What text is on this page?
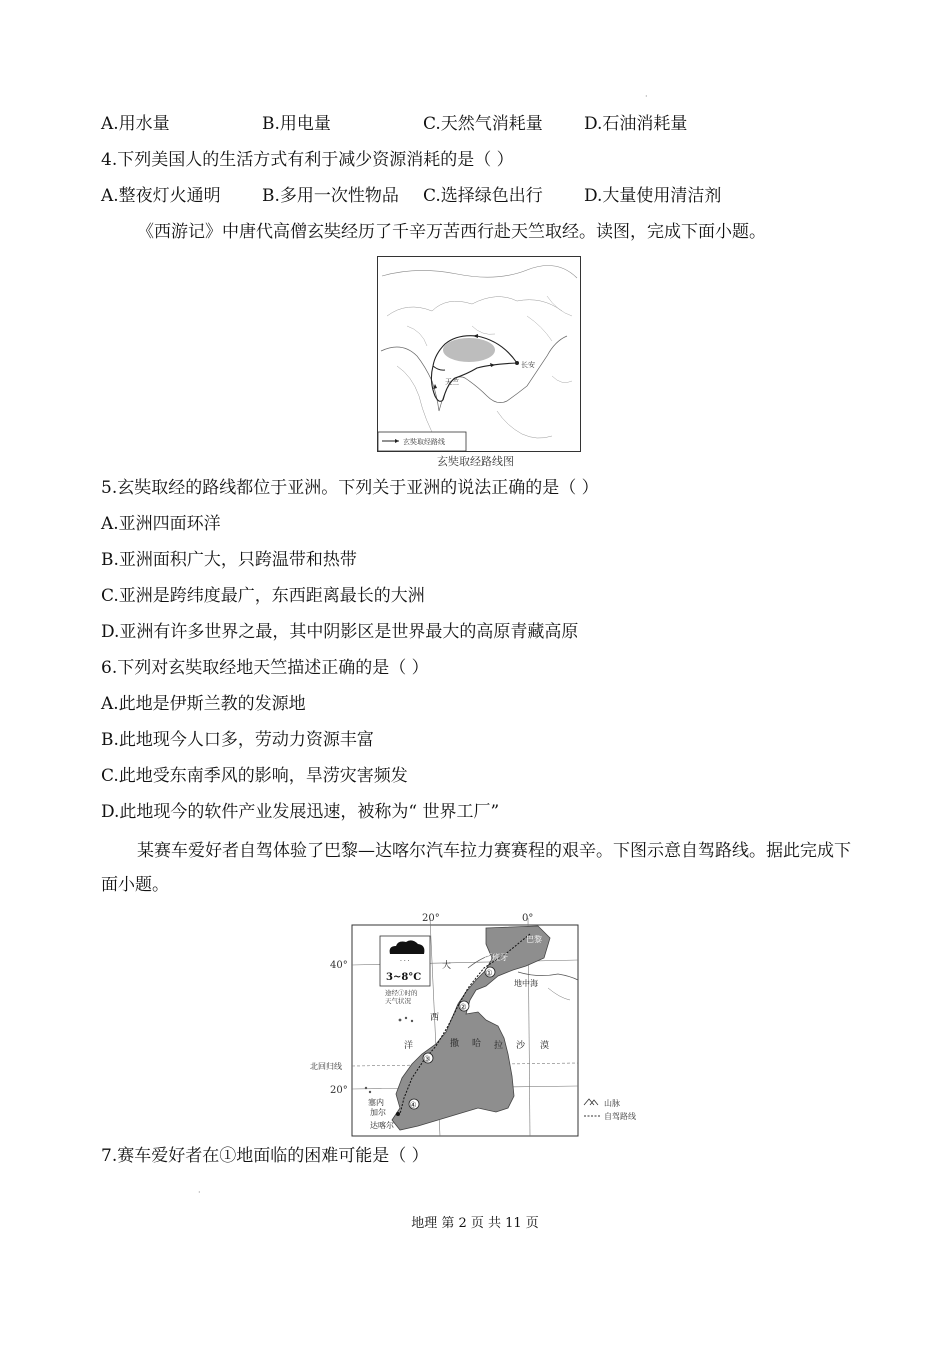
·
A.用水量	B.用电量	C.天然气消耗量 D.石油消耗量
4.下列美国人的生活方式有利于减少资源消耗的是（ ）
A.整夜灯火通明 B.多用一次性物品 C.选择绿色出行 D.大量使用清洁剂
《西游记》中唐代高僧玄奘经历了千辛万苦西行赴天竺取经。读图，完成下面小题。
长安
天竺
玄奘取经路线
玄奘取经路线图
5.玄奘取经的路线都位于亚洲。下列关于亚洲的说法正确的是（ ）
A.亚洲四面环洋
B.亚洲面积广大，只跨温带和热带
C.亚洲是跨纬度最广，东西距离最长的大洲
D.亚洲有许多世界之最，其中阴影区是世界最大的高原青藏高原
6.下列对玄奘取经地天竺描述正确的是（ ）
A.此地是伊斯兰教的发源地
B.此地现今人口多，劳动力资源丰富
C.此地受东南季风的影响，旱涝灾害频发
D.此地现今的软件产业发展迅速，被称为“ 世界工厂”
某赛车爱好者自驾体验了巴黎—达喀尔汽车拉力赛赛程的艰辛。下图示意自驾路线。据此完成下面小题。
①
②
③
④
· · ·
3~8°C
途经①时的
天气状况
20°	0°
40°
20°
北回归线
巴黎
西班牙
地中海
大
西
洋	撒 哈 拉 沙 漠
塞内
加尔
达喀尔
山脉
自驾路线
7.赛车爱好者在①地面临的困难可能是（ ）
·
地理 第 2 页 共 11 页
